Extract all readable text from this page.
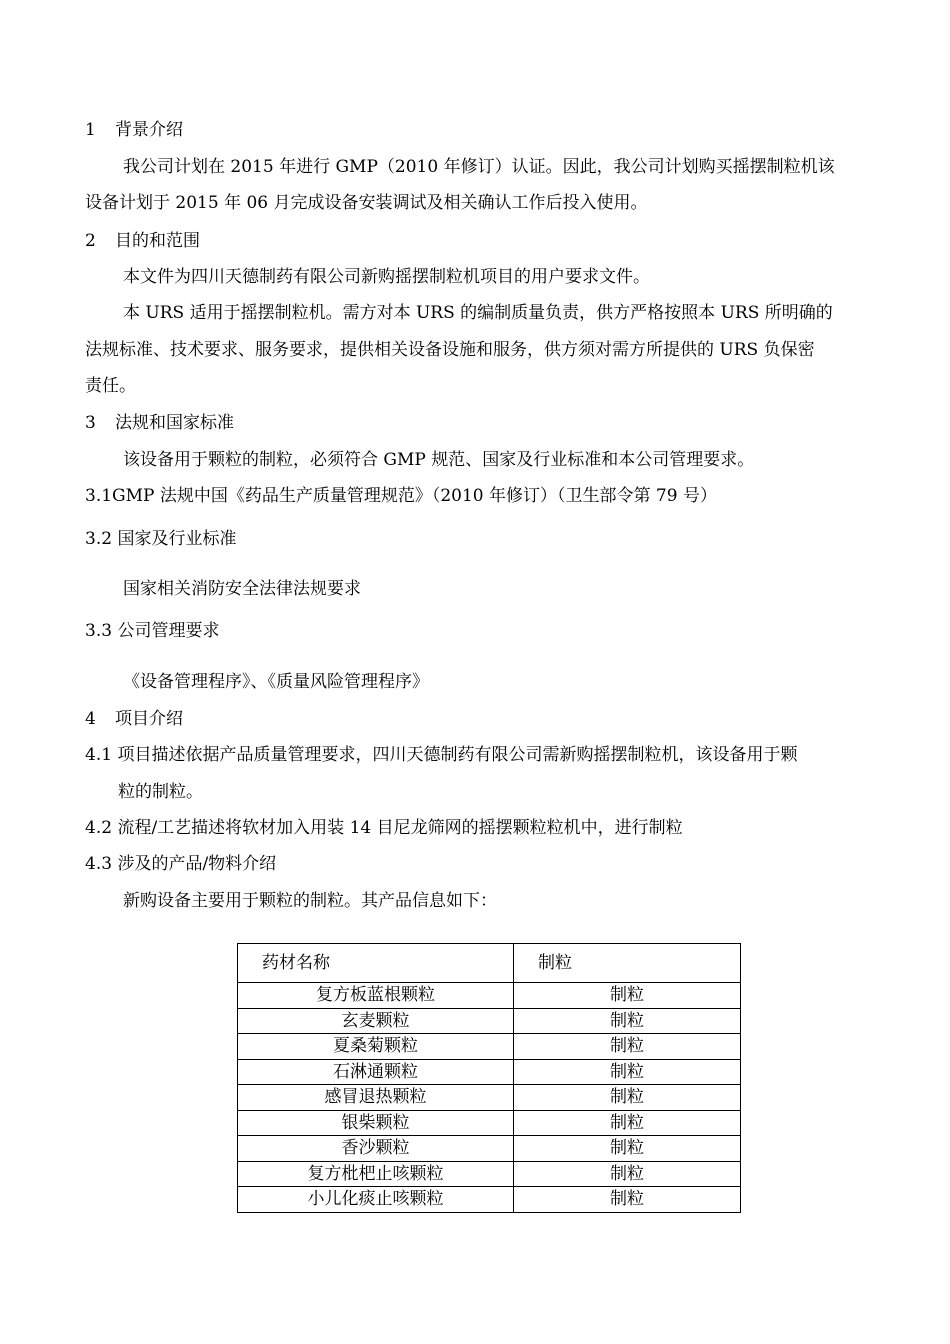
1 背景介绍
我公司计划在 2015 年进行 GMP（2010 年修订）认证。因此，我公司计划购买摇摆制粒机该
设备计划于 2015 年 06 月完成设备安装调试及相关确认工作后投入使用。
2 目的和范围
本文件为四川天德制药有限公司新购摇摆制粒机项目的用户要求文件。
本 URS 适用于摇摆制粒机。需方对本 URS 的编制质量负责，供方严格按照本 URS 所明确的
法规标准、技术要求、服务要求，提供相关设备设施和服务，供方须对需方所提供的 URS 负保密
责任。
3 法规和国家标准
该设备用于颗粒的制粒，必须符合 GMP 规范、国家及行业标准和本公司管理要求。
3.1GMP 法规中国《药品生产质量管理规范》（2010 年修订）（卫生部令第 79 号）
3.2 国家及行业标准
国家相关消防安全法律法规要求
3.3 公司管理要求
《设备管理程序》、《质量风险管理程序》
4 项目介绍
4.1 项目描述依据产品质量管理要求，四川天德制药有限公司需新购摇摆制粒机，该设备用于颗
粒的制粒。
4.2 流程/工艺描述将软材加入用装 14 目尼龙筛网的摇摆颗粒粒机中，进行制粒
4.3 涉及的产品/物料介绍
新购设备主要用于颗粒的制粒。其产品信息如下：
药材名称	制粒
复方板蓝根颗粒	制粒
玄麦颗粒	制粒
夏桑菊颗粒	制粒
石淋通颗粒	制粒
感冒退热颗粒	制粒
银柴颗粒	制粒
香沙颗粒	制粒
复方枇杷止咳颗粒	制粒
小儿化痰止咳颗粒	制粒
